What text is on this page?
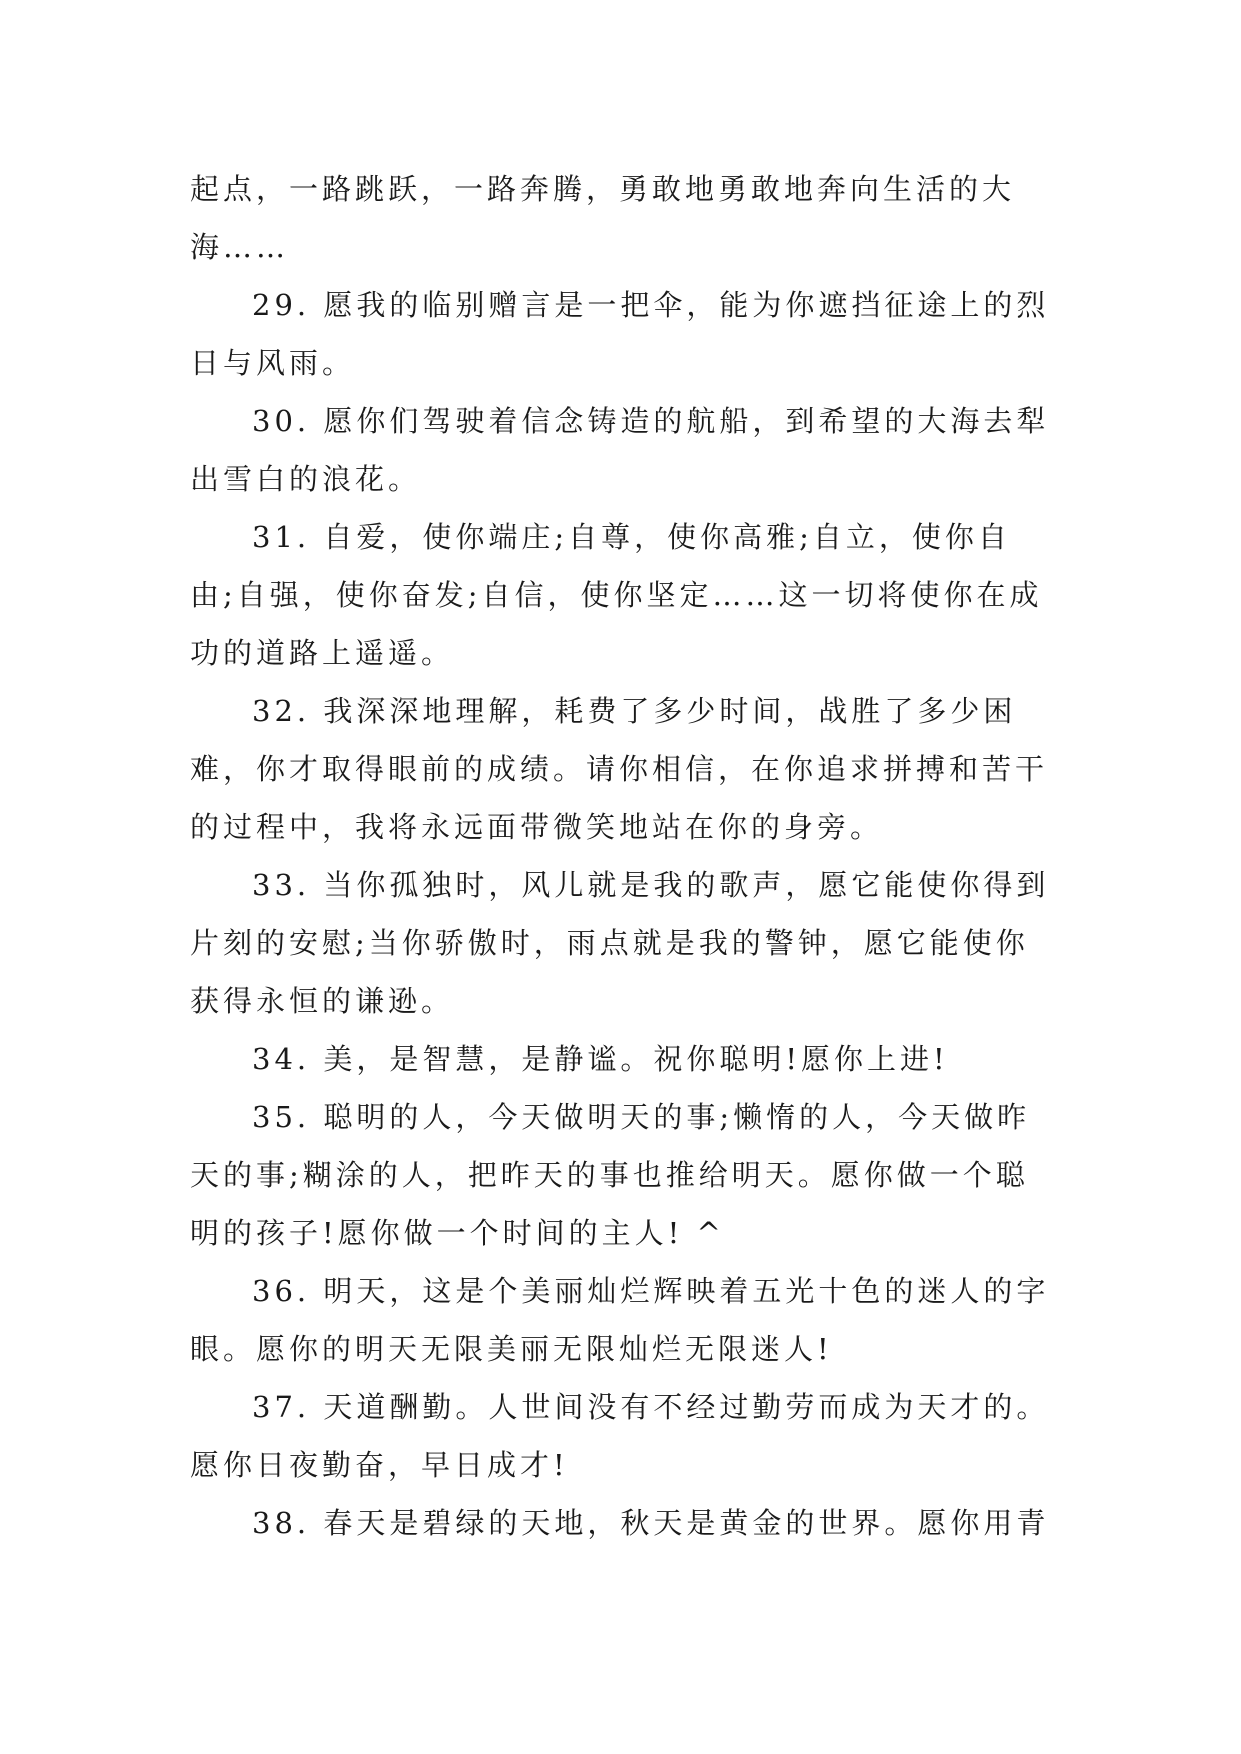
起点，一路跳跃，一路奔腾，勇敢地勇敢地奔向生活的大海……

29. 愿我的临别赠言是一把伞，能为你遮挡征途上的烈日与风雨。

30. 愿你们驾驶着信念铸造的航船，到希望的大海去犁出雪白的浪花。

31. 自爱，使你端庄;自尊，使你高雅;自立，使你自由;自强，使你奋发;自信，使你坚定……这一切将使你在成功的道路上遥遥。

32. 我深深地理解，耗费了多少时间，战胜了多少困难，你才取得眼前的成绩。请你相信，在你追求拼搏和苦干的过程中，我将永远面带微笑地站在你的身旁。

33. 当你孤独时，风儿就是我的歌声，愿它能使你得到片刻的安慰;当你骄傲时，雨点就是我的警钟，愿它能使你获得永恒的谦逊。

34. 美，是智慧，是静谧。祝你聪明!愿你上进!

35. 聪明的人，今天做明天的事;懒惰的人，今天做昨天的事;糊涂的人，把昨天的事也推给明天。愿你做一个聪明的孩子!愿你做一个时间的主人! ^

36. 明天，这是个美丽灿烂辉映着五光十色的迷人的字眼。愿你的明天无限美丽无限灿烂无限迷人!

37. 天道酬勤。人世间没有不经过勤劳而成为天才的。愿你日夜勤奋，早日成才!

38. 春天是碧绿的天地，秋天是黄金的世界。愿你用青
